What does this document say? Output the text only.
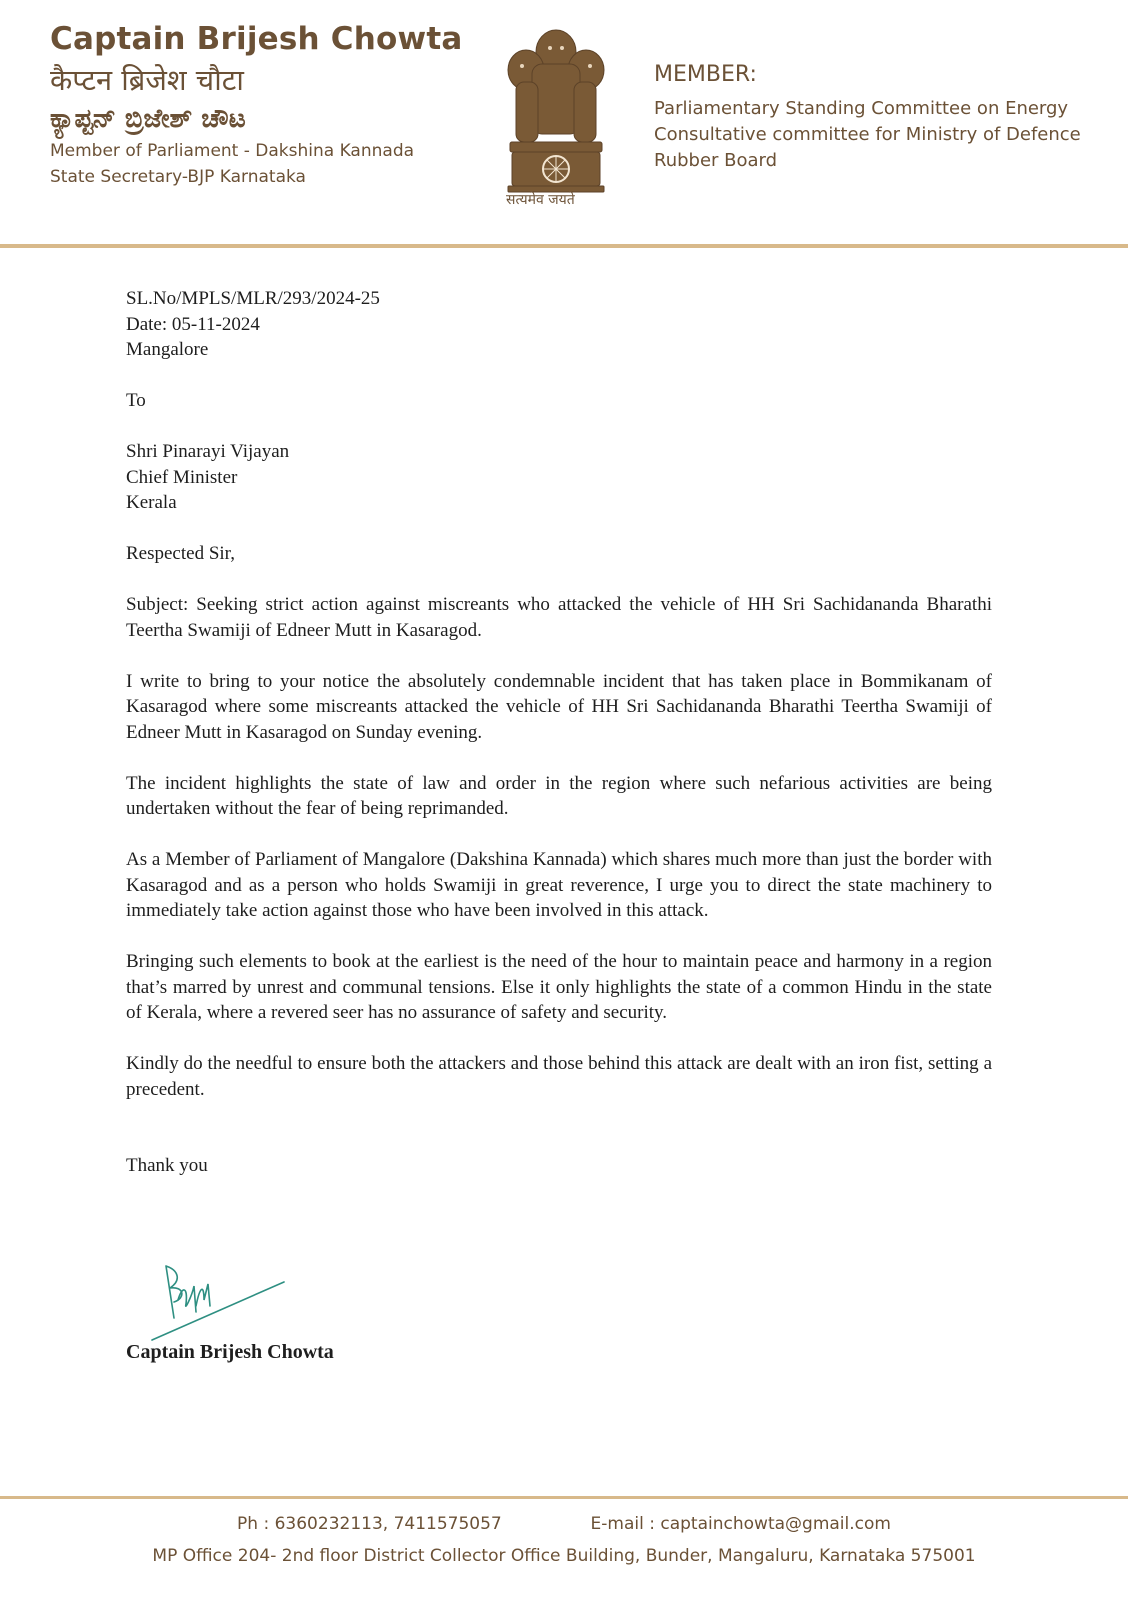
Captain Brijesh Chowta
कैप्टन ब्रिजेश चौटा
ಕ್ಯಾಪ್ಟನ್ ಬ್ರಿಜೇಶ್ ಚೌಟ
Member of Parliament - Dakshina Kannada
State Secretary-BJP Karnataka
सत्यमेव जयते
MEMBER:
Parliamentary Standing Committee on Energy
Consultative committee for Ministry of Defence
Rubber Board
SL.No/MPLS/MLR/293/2024-25
Date: 05-11-2024
Mangalore
To
Shri Pinarayi Vijayan
Chief Minister
Kerala
Respected Sir,

Subject: Seeking strict action against miscreants who attacked the vehicle of HH Sri Sachidananda Bharathi Teertha Swamiji of Edneer Mutt in Kasaragod.

I write to bring to your notice the absolutely condemnable incident that has taken place in Bommikanam of Kasaragod where some miscreants attacked the vehicle of HH Sri Sachidananda Bharathi Teertha Swamiji of Edneer Mutt in Kasaragod on Sunday evening.

The incident highlights the state of law and order in the region where such nefarious activities are being undertaken without the fear of being reprimanded.

As a Member of Parliament of Mangalore (Dakshina Kannada) which shares much more than just the border with Kasaragod and as a person who holds Swamiji in great reverence, I urge you to direct the state machinery to immediately take action against those who have been involved in this attack.

Bringing such elements to book at the earliest is the need of the hour to maintain peace and harmony in a region that’s marred by unrest and communal tensions. Else it only highlights the state of a common Hindu in the state of Kerala, where a revered seer has no assurance of safety and security.

Kindly do the needful to ensure both the attackers and those behind this attack are dealt with an iron fist, setting a precedent.

Thank you
Captain Brijesh Chowta
Ph : 6360232113, 7411575057	E-mail : captainchowta@gmail.com
MP Office 204- 2nd floor District Collector Office Building, Bunder, Mangaluru, Karnataka 575001
